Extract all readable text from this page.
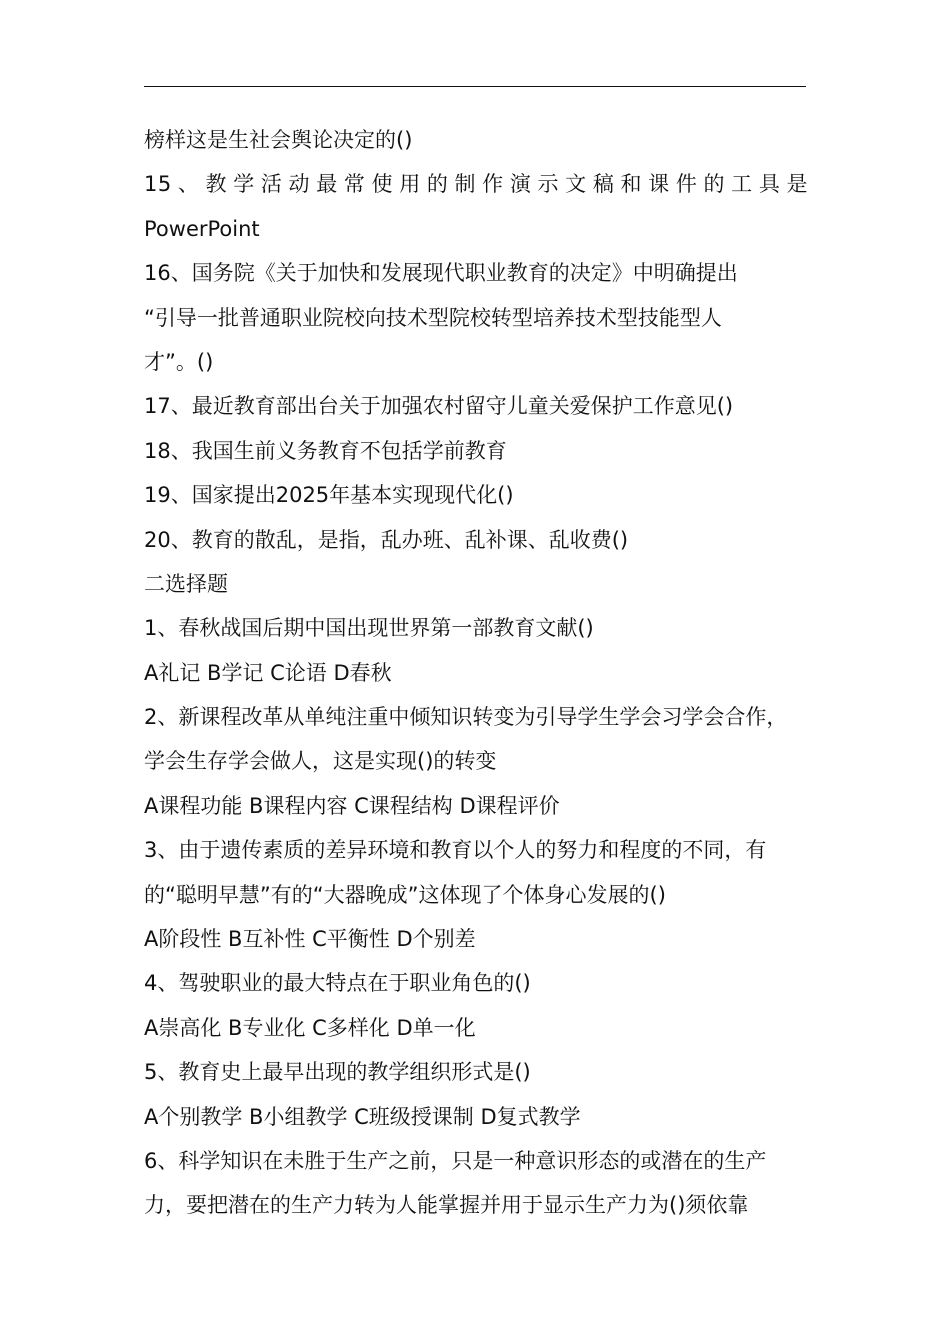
榜样这是生社会舆论决定的()
15、教学活动最常使用的制作演示文稿和课件的工具是
PowerPoint
16、国务院《关于加快和发展现代职业教育的决定》中明确提出
“引导一批普通职业院校向技术型院校转型培养技术型技能型人
才”。()
17、最近教育部出台关于加强农村留守儿童关爱保护工作意见()
18、我国生前义务教育不包括学前教育
19、国家提出2025年基本实现现代化()
20、教育的散乱，是指，乱办班、乱补课、乱收费()
二选择题
1、春秋战国后期中国出现世界第一部教育文献()
A礼记 B学记 C论语 D春秋
2、新课程改革从单纯注重中倾知识转变为引导学生学会习学会合作，
学会生存学会做人，这是实现()的转变
A课程功能 B课程内容 C课程结构 D课程评价
3、由于遗传素质的差异环境和教育以个人的努力和程度的不同，有
的“聪明早慧”有的“大器晚成”这体现了个体身心发展的()
A阶段性 B互补性 C平衡性 D个别差
4、驾驶职业的最大特点在于职业角色的()
A崇高化 B专业化 C多样化 D单一化
5、教育史上最早出现的教学组织形式是()
A个别教学 B小组教学 C班级授课制 D复式教学
6、科学知识在未胜于生产之前，只是一种意识形态的或潜在的生产
力，要把潜在的生产力转为人能掌握并用于显示生产力为()须依靠
